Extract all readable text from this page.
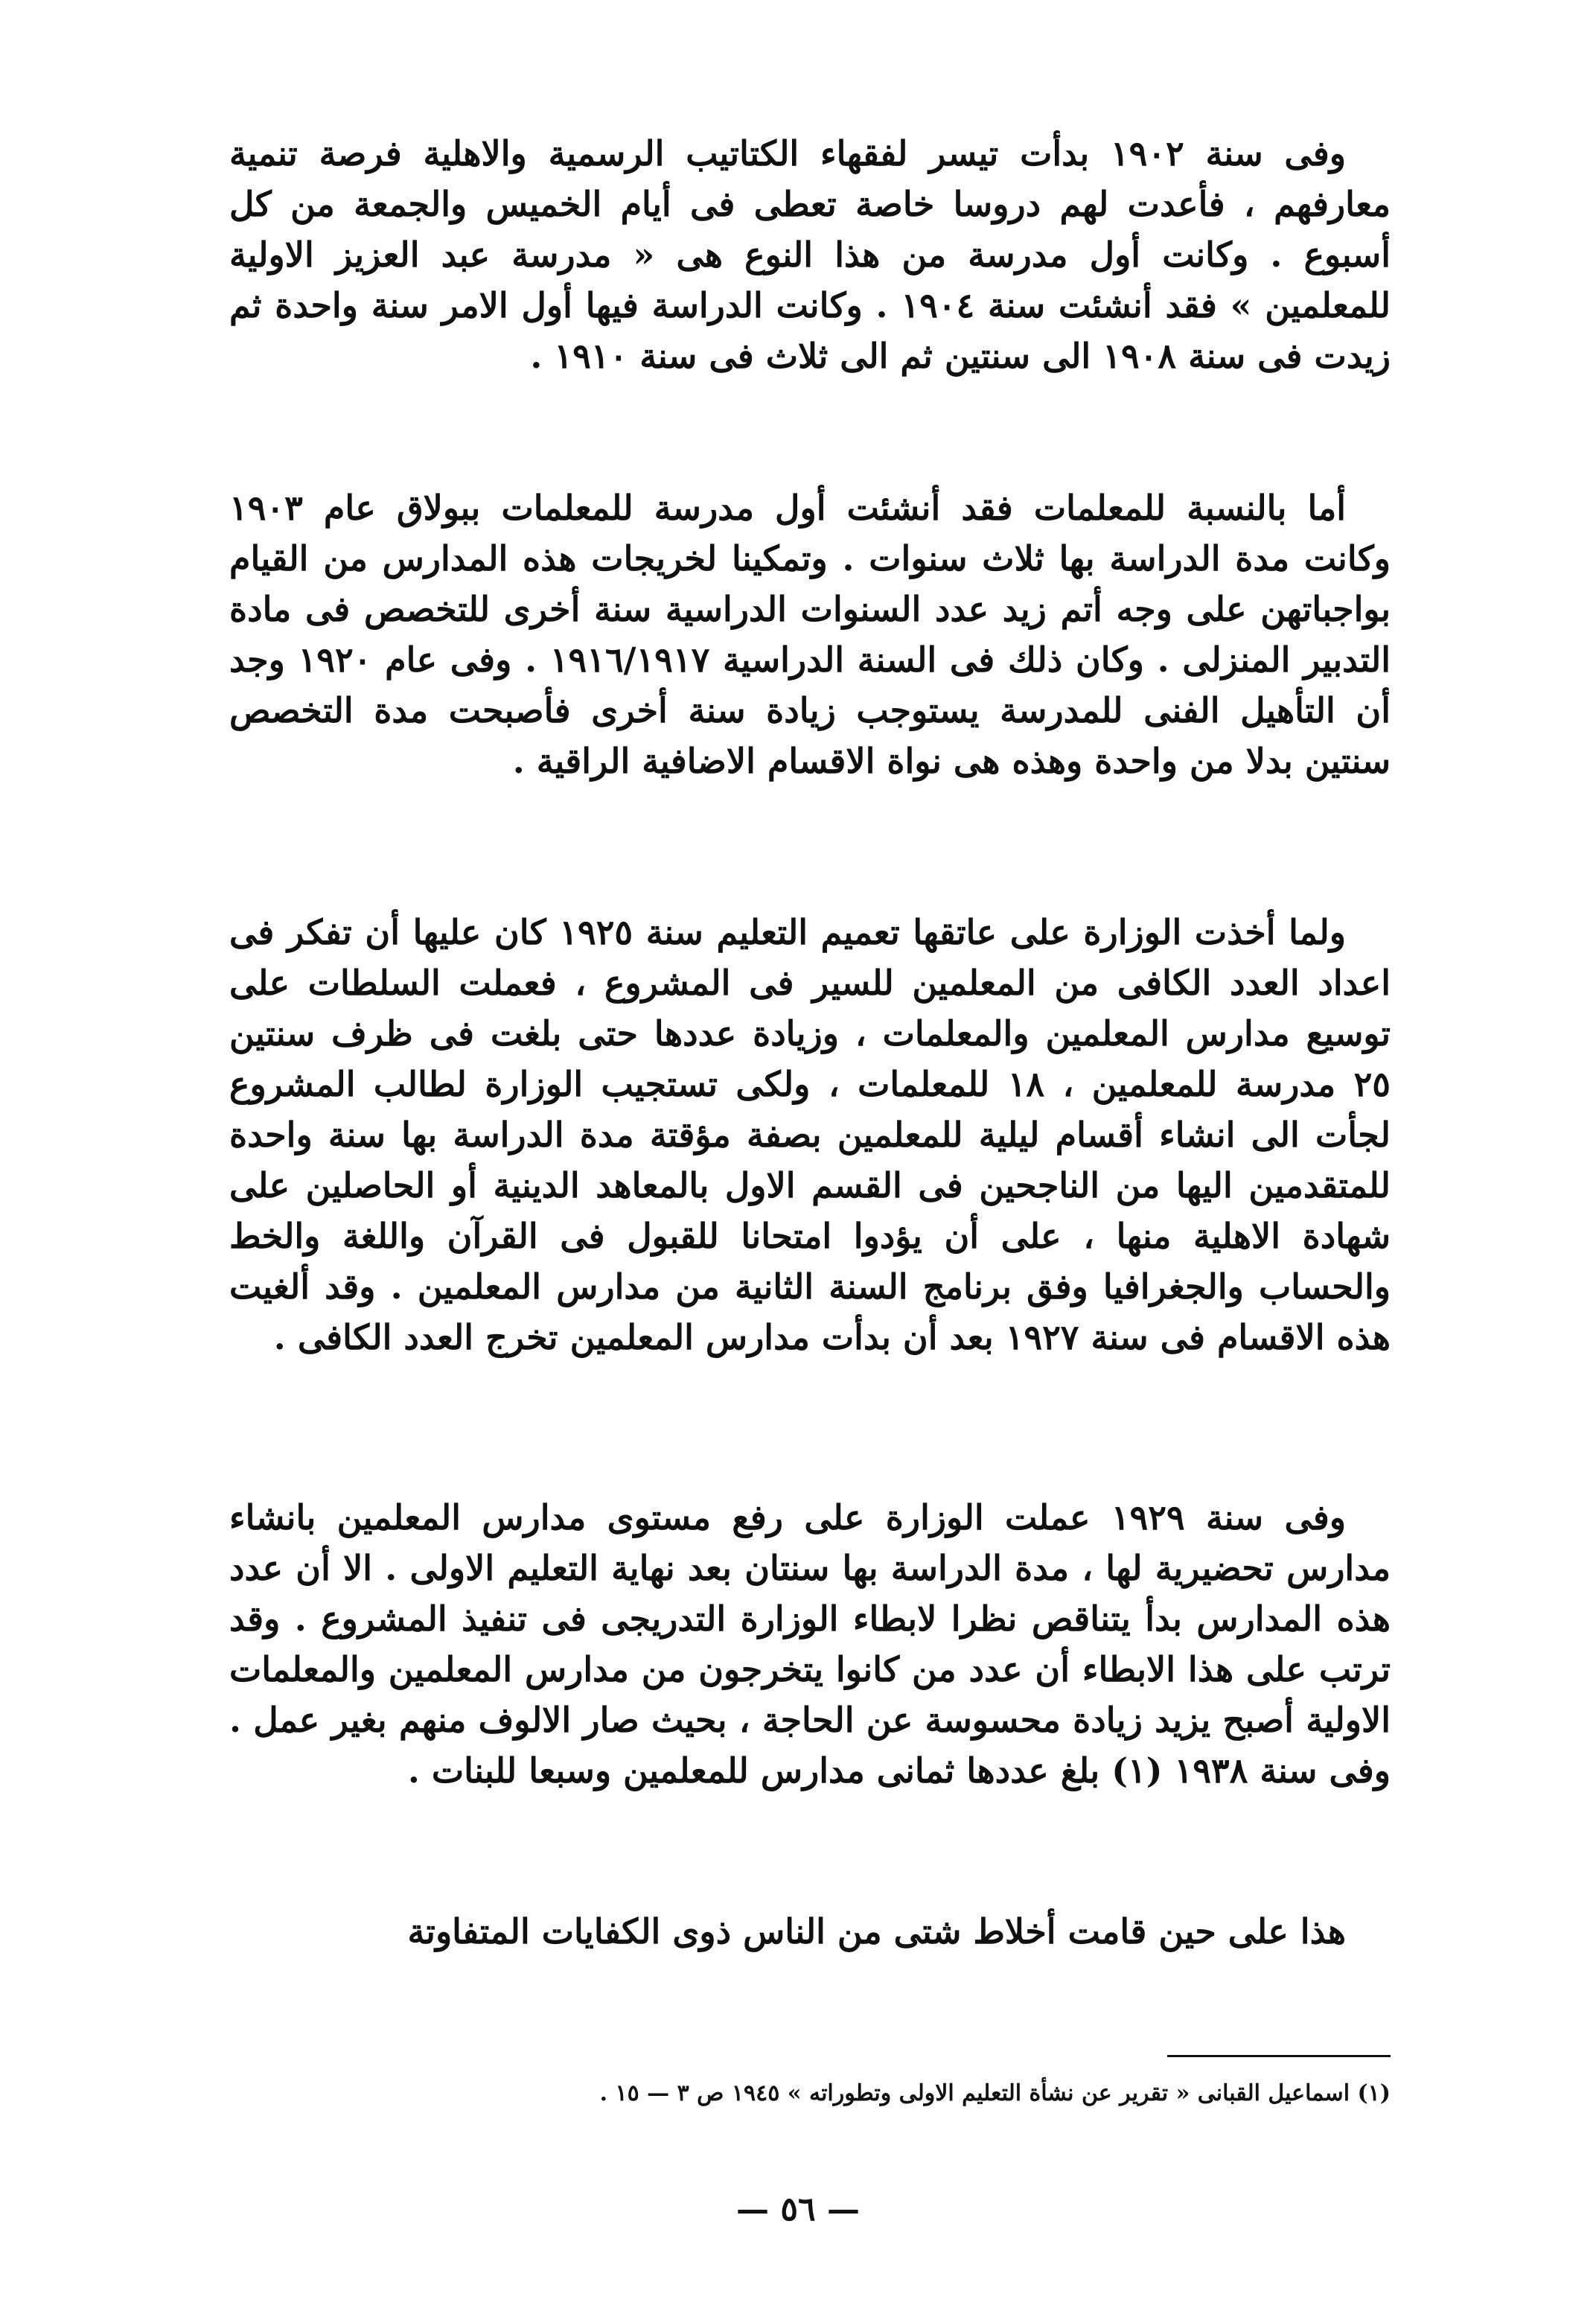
وفى سنة ١٩٠٢ بدأت تيسر لفقهاء الكتاتيب الرسمية والاهلية فرصة تنمية معارفهم ، فأعدت لهم دروسا خاصة تعطى فى أيام الخميس والجمعة من كل أسبوع . وكانت أول مدرسة من هذا النوع هى « مدرسة عبد العزيز الاولية للمعلمين » فقد أنشئت سنة ١٩٠٤ . وكانت الدراسة فيها أول الامر سنة واحدة ثم زيدت فى سنة ١٩٠٨ الى سنتين ثم الى ثلاث فى سنة ١٩١٠ .

أما بالنسبة للمعلمات فقد أنشئت أول مدرسة للمعلمات ببولاق عام ١٩٠٣ وكانت مدة الدراسة بها ثلاث سنوات . وتمكينا لخريجات هذه المدارس من القيام بواجباتهن على وجه أتم زيد عدد السنوات الدراسية سنة أخرى للتخصص فى مادة التدبير المنزلى . وكان ذلك فى السنة الدراسية ١٩١٦/١٩١٧ . وفى عام ١٩٢٠ وجد أن التأهيل الفنى للمدرسة يستوجب زيادة سنة أخرى فأصبحت مدة التخصص سنتين بدلا من واحدة وهذه هى نواة الاقسام الاضافية الراقية .

ولما أخذت الوزارة على عاتقها تعميم التعليم سنة ١٩٢٥ كان عليها أن تفكر فى اعداد العدد الكافى من المعلمين للسير فى المشروع ، فعملت السلطات على توسيع مدارس المعلمين والمعلمات ، وزيادة عددها حتى بلغت فى ظرف سنتين ٢٥ مدرسة للمعلمين ، ١٨ للمعلمات ، ولكى تستجيب الوزارة لطالب المشروع لجأت الى انشاء أقسام ليلية للمعلمين بصفة مؤقتة مدة الدراسة بها سنة واحدة للمتقدمين اليها من الناجحين فى القسم الاول بالمعاهد الدينية أو الحاصلين على شهادة الاهلية منها ، على أن يؤدوا امتحانا للقبول فى القرآن واللغة والخط والحساب والجغرافيا وفق برنامج السنة الثانية من مدارس المعلمين . وقد ألغيت هذه الاقسام فى سنة ١٩٢٧ بعد أن بدأت مدارس المعلمين تخرج العدد الكافى .

وفى سنة ١٩٢٩ عملت الوزارة على رفع مستوى مدارس المعلمين بانشاء مدارس تحضيرية لها ، مدة الدراسة بها سنتان بعد نهاية التعليم الاولى . الا أن عدد هذه المدارس بدأ يتناقص نظرا لابطاء الوزارة التدريجى فى تنفيذ المشروع . وقد ترتب على هذا الابطاء أن عدد من كانوا يتخرجون من مدارس المعلمين والمعلمات الاولية أصبح يزيد زيادة محسوسة عن الحاجة ، بحيث صار الالوف منهم بغير عمل . وفى سنة ١٩٣٨ (١) بلغ عددها ثمانى مدارس للمعلمين وسبعا للبنات .

هذا على حين قامت أخلاط شتى من الناس ذوى الكفايات المتفاوتة

(١) اسماعيل القبانى « تقرير عن نشأة التعليم الاولى وتطوراته » ١٩٤٥ ص ٣ — ١٥ .
— ٥٦ —
